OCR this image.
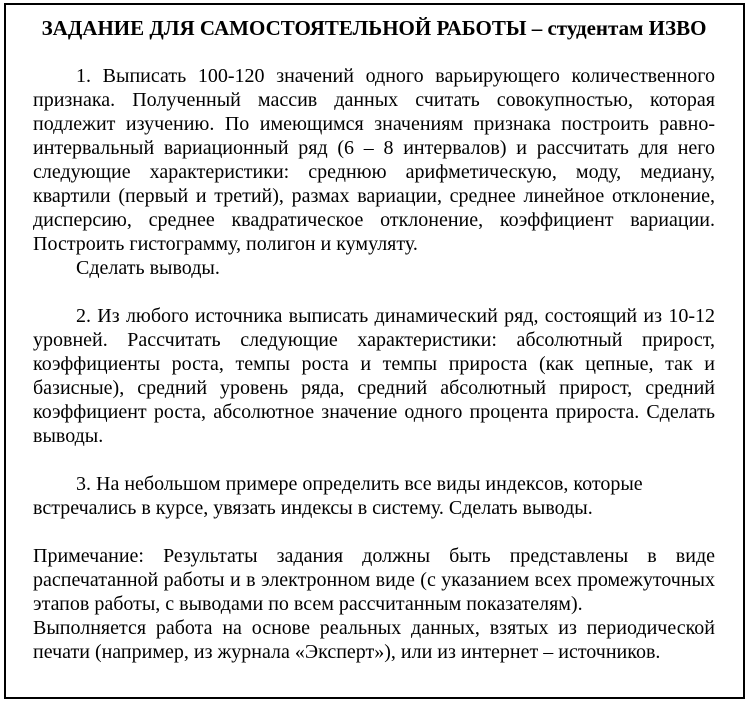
ЗАДАНИЕ ДЛЯ САМОСТОЯТЕЛЬНОЙ РАБОТЫ – студентам ИЗВО

1. Выписать 100-120 значений одного варьирующего количественного признака. Полученный массив данных считать совокупностью, которая подлежит изучению. По имеющимся значениям признака построить равно-интервальный вариационный ряд (6 – 8 интервалов) и рассчитать для него следующие характеристики: среднюю арифметическую, моду, медиану, квартили (первый и третий), размах вариации, среднее линейное отклонение, дисперсию, среднее квадратическое отклонение, коэффициент вариации. Построить гистограмму, полигон и кумуляту.

Сделать выводы.

2. Из любого источника выписать динамический ряд, состоящий из 10-12 уровней. Рассчитать следующие характеристики: абсолютный прирост, коэффициенты роста, темпы роста и темпы прироста (как цепные, так и базисные), средний уровень ряда, средний абсолютный прирост, средний коэффициент роста, абсолютное значение одного процента прироста. Сделать выводы.

3. На небольшом примере определить все виды индексов, которые встречались в курсе, увязать индексы в систему. Сделать выводы.

Примечание: Результаты задания должны быть представлены в виде распечатанной работы и в электронном виде (с указанием всех промежуточных этапов работы, с выводами по всем рассчитанным показателям).

Выполняется работа на основе реальных данных, взятых из периодической печати (например, из журнала «Эксперт»), или из интернет – источников.
